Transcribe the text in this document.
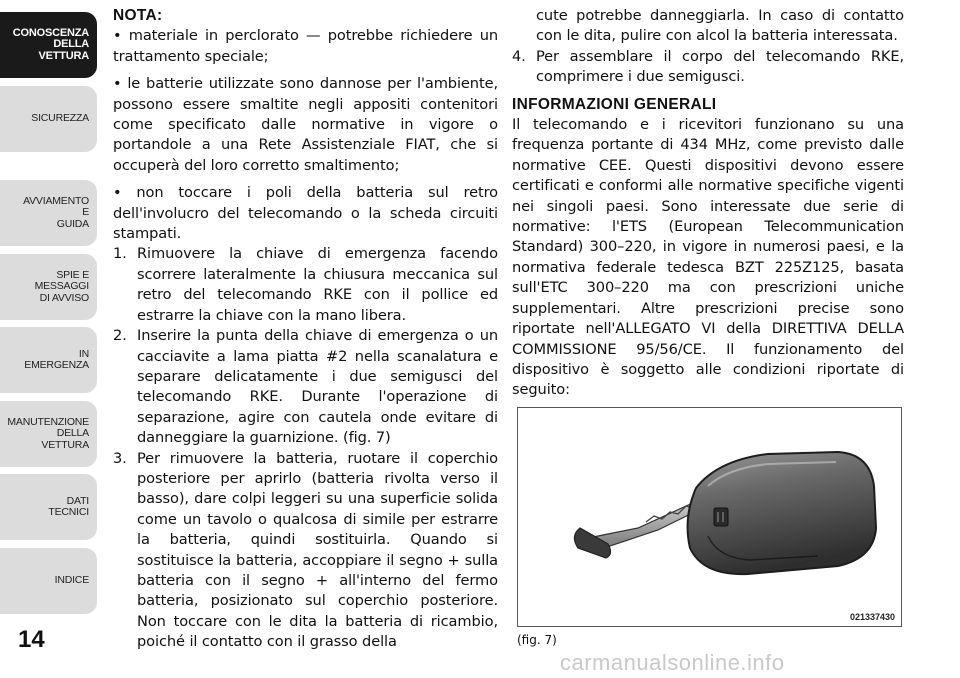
CONOSCENZA
DELLA
VETTURA
SICUREZZA
AVVIAMENTO
E
GUIDA
SPIE E
MESSAGGI
DI AVVISO
IN
EMERGENZA
MANUTENZIONE
DELLA
VETTURA
DATI
TECNICI
INDICE
14

NOTA:

• materiale in perclorato — potrebbe richiedere un trattamento speciale;

• le batterie utilizzate sono dannose per l'ambiente, possono essere smaltite negli appositi contenitori come specificato dalle normative in vigore o portandole a una Rete Assistenziale FIAT, che si occuperà del loro corretto smaltimento;

• non toccare i poli della batteria sul retro dell'involucro del telecomando o la scheda circuiti stampati.

1. Rimuovere la chiave di emergenza facendo scorrere lateralmente la chiusura meccanica sul retro del telecomando RKE con il pollice ed estrarre la chiave con la mano libera.
2. Inserire la punta della chiave di emergenza o un cacciavite a lama piatta #2 nella scanalatura e separare delicatamente i due semigusci del telecomando RKE. Durante l'operazione di separazione, agire con cautela onde evitare di danneggiare la guarnizione. (fig. 7)
3. Per rimuovere la batteria, ruotare il coperchio posteriore per aprirlo (batteria rivolta verso il basso), dare colpi leggeri su una superficie solida come un tavolo o qualcosa di simile per estrarre la batteria, quindi sostituirla. Quando si sostituisce la batteria, accoppiare il segno + sulla batteria con il segno + all'interno del fermo batteria, posizionato sul coperchio posteriore. Non toccare con le dita la batteria di ricambio, poiché il contatto con il grasso della
cute potrebbe danneggiarla. In caso di contatto con le dita, pulire con alcol la batteria interessata.
4. Per assemblare il corpo del telecomando RKE, comprimere i due semigusci.

INFORMAZIONI GENERALI

Il telecomando e i ricevitori funzionano su una frequenza portante di 434 MHz, come previsto dalle normative CEE. Questi dispositivi devono essere certificati e conformi alle normative specifiche vigenti nei singoli paesi. Sono interessate due serie di normative: l'ETS (European Telecommunication Standard) 300–220, in vigore in numerosi paesi, e la normativa federale tedesca BZT 225Z125, basata sull'ETC 300–220 ma con prescrizioni uniche supplementari. Altre prescrizioni precise sono riportate nell'ALLEGATO VI della DIRETTIVA DELLA COMMISSIONE 95/56/CE. Il funzionamento del dispositivo è soggetto alle condizioni riportate di seguito:

021337430
(fig. 7)
carmanualsonline.info
